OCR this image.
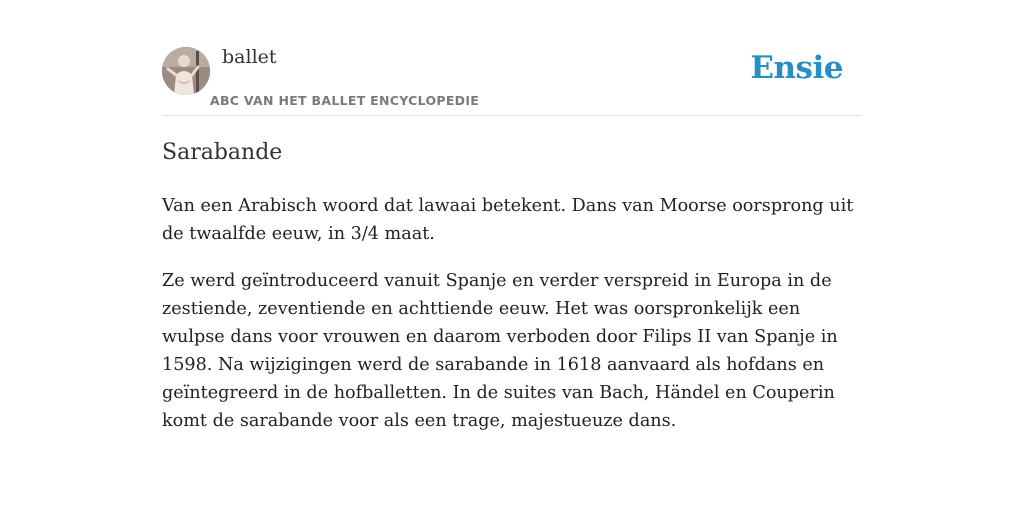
ballet
ABC VAN HET BALLET ENCYCLOPEDIE
Ensie
Sarabande

Van een Arabisch woord dat lawaai betekent. Dans van Moorse oorsprong uit de twaalfde eeuw, in 3/4 maat.

Ze werd geïntroduceerd vanuit Spanje en verder verspreid in Europa in de zestiende, zeventiende en achttiende eeuw. Het was oorspronkelijk een wulpse dans voor vrouwen en daarom verboden door Filips II van Spanje in 1598. Na wijzigingen werd de sarabande in 1618 aanvaard als hofdans en geïntegreerd in de hofballetten. In de suites van Bach, Händel en Couperin komt de sarabande voor als een trage, majestueuze dans.
